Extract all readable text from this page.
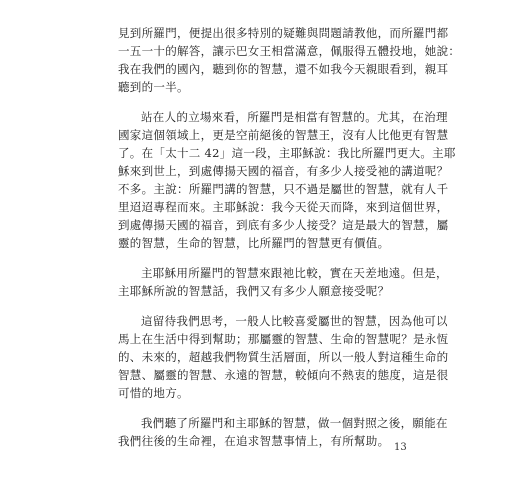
見到所羅門，便提出很多特別的疑難與問題請教他，而所羅門都
一五一十的解答，讓示巴女王相當滿意，佩服得五體投地，她說：
我在我們的國內，聽到你的智慧，還不如我今天親眼看到，親耳
聽到的一半。

站在人的立場來看，所羅門是相當有智慧的。尤其，在治理
國家這個領域上，更是空前絕後的智慧王，沒有人比他更有智慧
了。在「太十二 42」這一段，主耶穌說：我比所羅門更大。主耶
穌來到世上，到處傳揚天國的福音，有多少人接受祂的講道呢？
不多。主說：所羅門講的智慧，只不過是屬世的智慧，就有人千
里迢迢專程而來。主耶穌說：我今天從天而降，來到這個世界，
到處傳揚天國的福音，到底有多少人接受？這是最大的智慧，屬
靈的智慧，生命的智慧，比所羅門的智慧更有價值。

主耶穌用所羅門的智慧來跟祂比較，實在天差地遠。但是，
主耶穌所說的智慧話，我們又有多少人願意接受呢？

這留待我們思考，一般人比較喜愛屬世的智慧，因為他可以
馬上在生活中得到幫助；那屬靈的智慧、生命的智慧呢？是永恆
的、未來的，超越我們物質生活層面，所以一般人對這種生命的
智慧、屬靈的智慧、永遠的智慧，較傾向不熱衷的態度，這是很
可惜的地方。

我們聽了所羅門和主耶穌的智慧，做一個對照之後，願能在
我們往後的生命裡，在追求智慧事情上，有所幫助。 13
